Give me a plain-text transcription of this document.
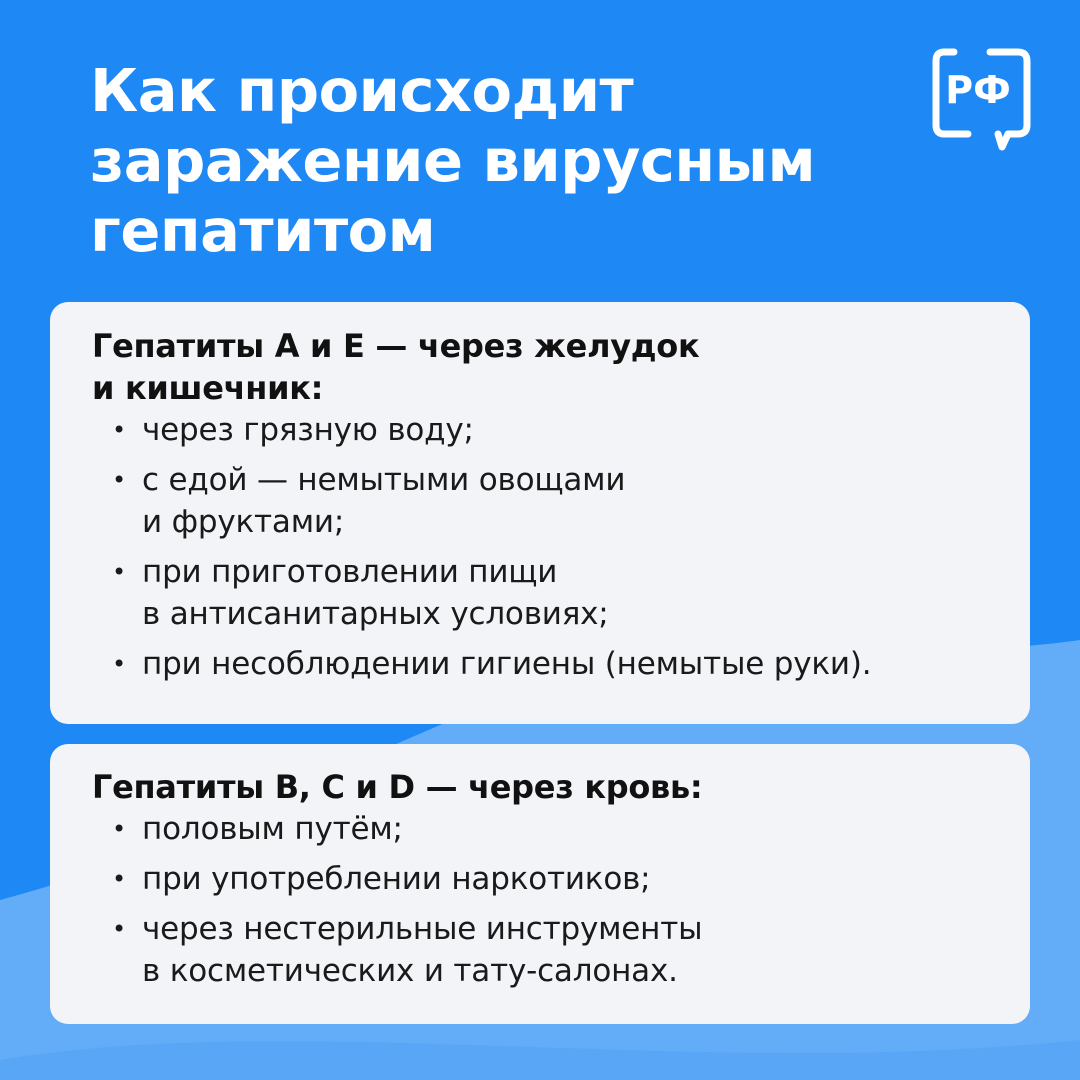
Как происходит
заражение вирусным
гепатитом
РФ
Гепатиты A и E — через желудок
и кишечник:
• через грязную воду;
• с едой — немытыми овощами
и фруктами;
• при приготовлении пищи
в антисанитарных условиях;
• при несоблюдении гигиены (немытые руки).
Гепатиты B, C и D — через кровь:
• половым путём;
• при употреблении наркотиков;
• через нестерильные инструменты
в косметических и тату-салонах.
